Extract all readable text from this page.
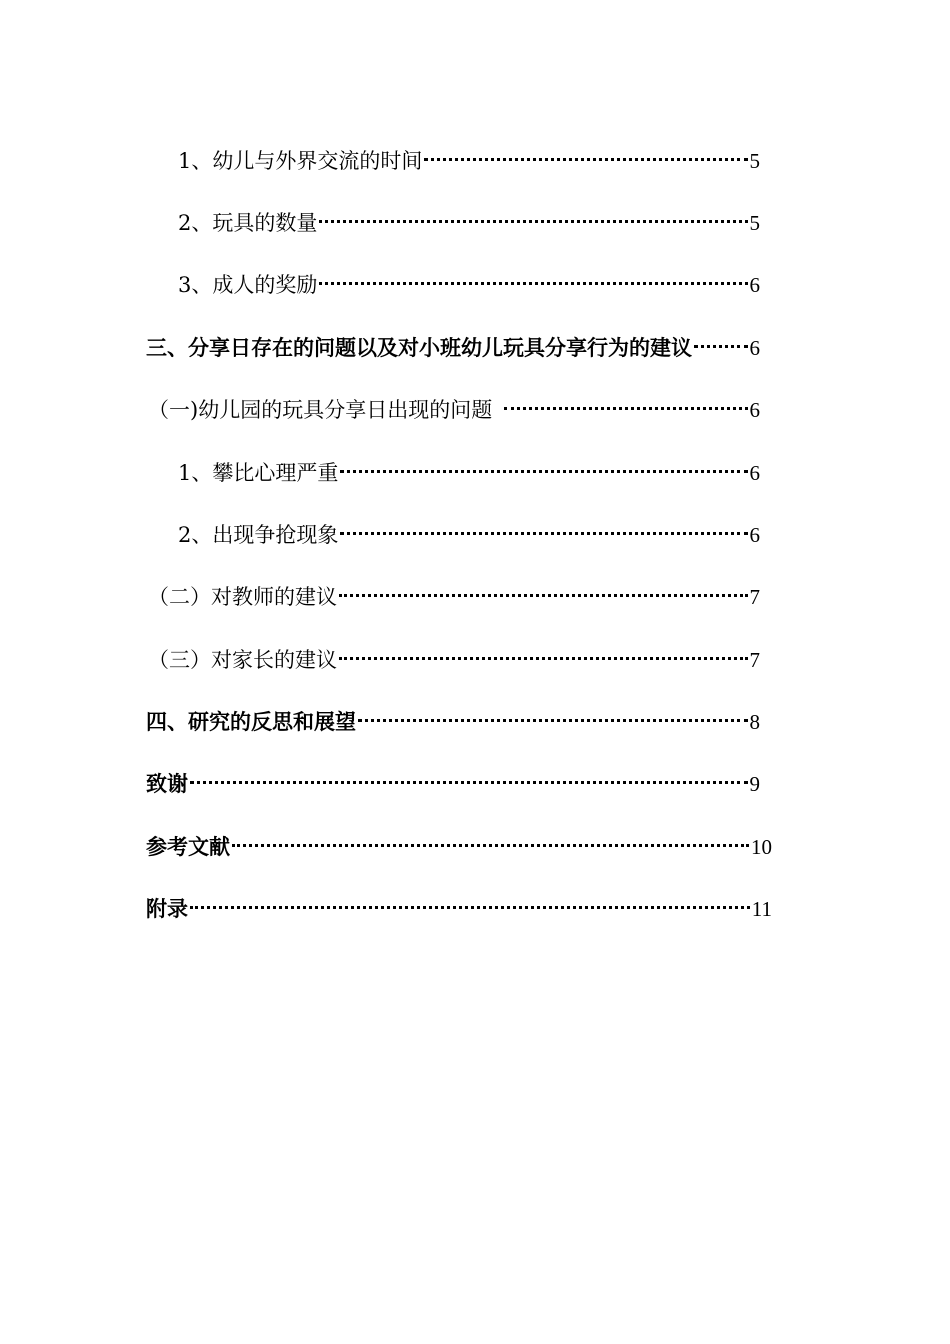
1、幼儿与外界交流的时间	5
2、玩具的数量	5
3、成人的奖励	6
三、分享日存在的问题以及对小班幼儿玩具分享行为的建议	6
（一)幼儿园的玩具分享日出现的问题	6
1、攀比心理严重	6
2、出现争抢现象	6
（二）对教师的建议	7
（三）对家长的建议	7
四、研究的反思和展望	8
致谢	9
参考文献	10
附录	11
